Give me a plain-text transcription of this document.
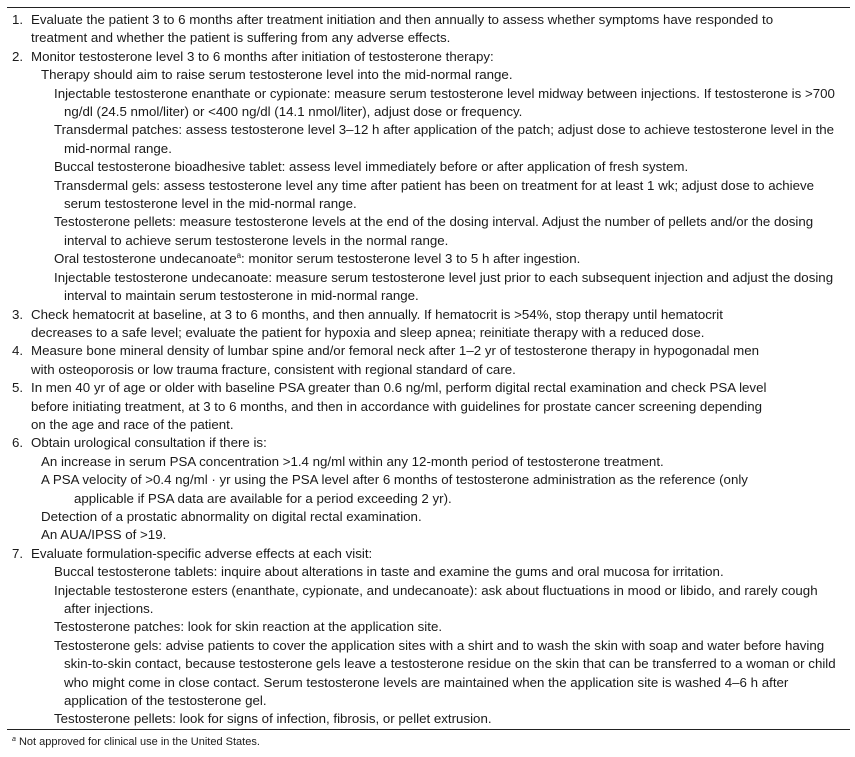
1. Evaluate the patient 3 to 6 months after treatment initiation and then annually to assess whether symptoms have responded to
treatment and whether the patient is suffering from any adverse effects.
2. Monitor testosterone level 3 to 6 months after initiation of testosterone therapy:
Therapy should aim to raise serum testosterone level into the mid-normal range.
Injectable testosterone enanthate or cypionate: measure serum testosterone level midway between injections. If testosterone is >700 ng/dl (24.5 nmol/liter) or <400 ng/dl (14.1 nmol/liter), adjust dose or frequency.
Transdermal patches: assess testosterone level 3–12 h after application of the patch; adjust dose to achieve testosterone level in the mid-normal range.
Buccal testosterone bioadhesive tablet: assess level immediately before or after application of fresh system.
Transdermal gels: assess testosterone level any time after patient has been on treatment for at least 1 wk; adjust dose to achieve serum testosterone level in the mid-normal range.
Testosterone pellets: measure testosterone levels at the end of the dosing interval. Adjust the number of pellets and/or the dosing interval to achieve serum testosterone levels in the normal range.
Oral testosterone undecanoate$^a$: monitor serum testosterone level 3 to 5 h after ingestion.
Injectable testosterone undecanoate: measure serum testosterone level just prior to each subsequent injection and adjust the dosing interval to maintain serum testosterone in mid-normal range.
3. Check hematocrit at baseline, at 3 to 6 months, and then annually. If hematocrit is >54%, stop therapy until hematocrit
decreases to a safe level; evaluate the patient for hypoxia and sleep apnea; reinitiate therapy with a reduced dose.
4. Measure bone mineral density of lumbar spine and/or femoral neck after 1–2 yr of testosterone therapy in hypogonadal men
with osteoporosis or low trauma fracture, consistent with regional standard of care.
5. In men 40 yr of age or older with baseline PSA greater than 0.6 ng/ml, perform digital rectal examination and check PSA level
before initiating treatment, at 3 to 6 months, and then in accordance with guidelines for prostate cancer screening depending
on the age and race of the patient.
6. Obtain urological consultation if there is:
An increase in serum PSA concentration >1.4 ng/ml within any 12-month period of testosterone treatment.
A PSA velocity of >0.4 ng/ml · yr using the PSA level after 6 months of testosterone administration as the reference (only
applicable if PSA data are available for a period exceeding 2 yr).
Detection of a prostatic abnormality on digital rectal examination.
An AUA/IPSS of >19.
7. Evaluate formulation-specific adverse effects at each visit:
Buccal testosterone tablets: inquire about alterations in taste and examine the gums and oral mucosa for irritation.
Injectable testosterone esters (enanthate, cypionate, and undecanoate): ask about fluctuations in mood or libido, and rarely cough after injections.
Testosterone patches: look for skin reaction at the application site.
Testosterone gels: advise patients to cover the application sites with a shirt and to wash the skin with soap and water before having skin-to-skin contact, because testosterone gels leave a testosterone residue on the skin that can be transferred to a woman or child who might come in close contact. Serum testosterone levels are maintained when the application site is washed 4–6 h after application of the testosterone gel.
Testosterone pellets: look for signs of infection, fibrosis, or pellet extrusion.
$^a$ Not approved for clinical use in the United States.
